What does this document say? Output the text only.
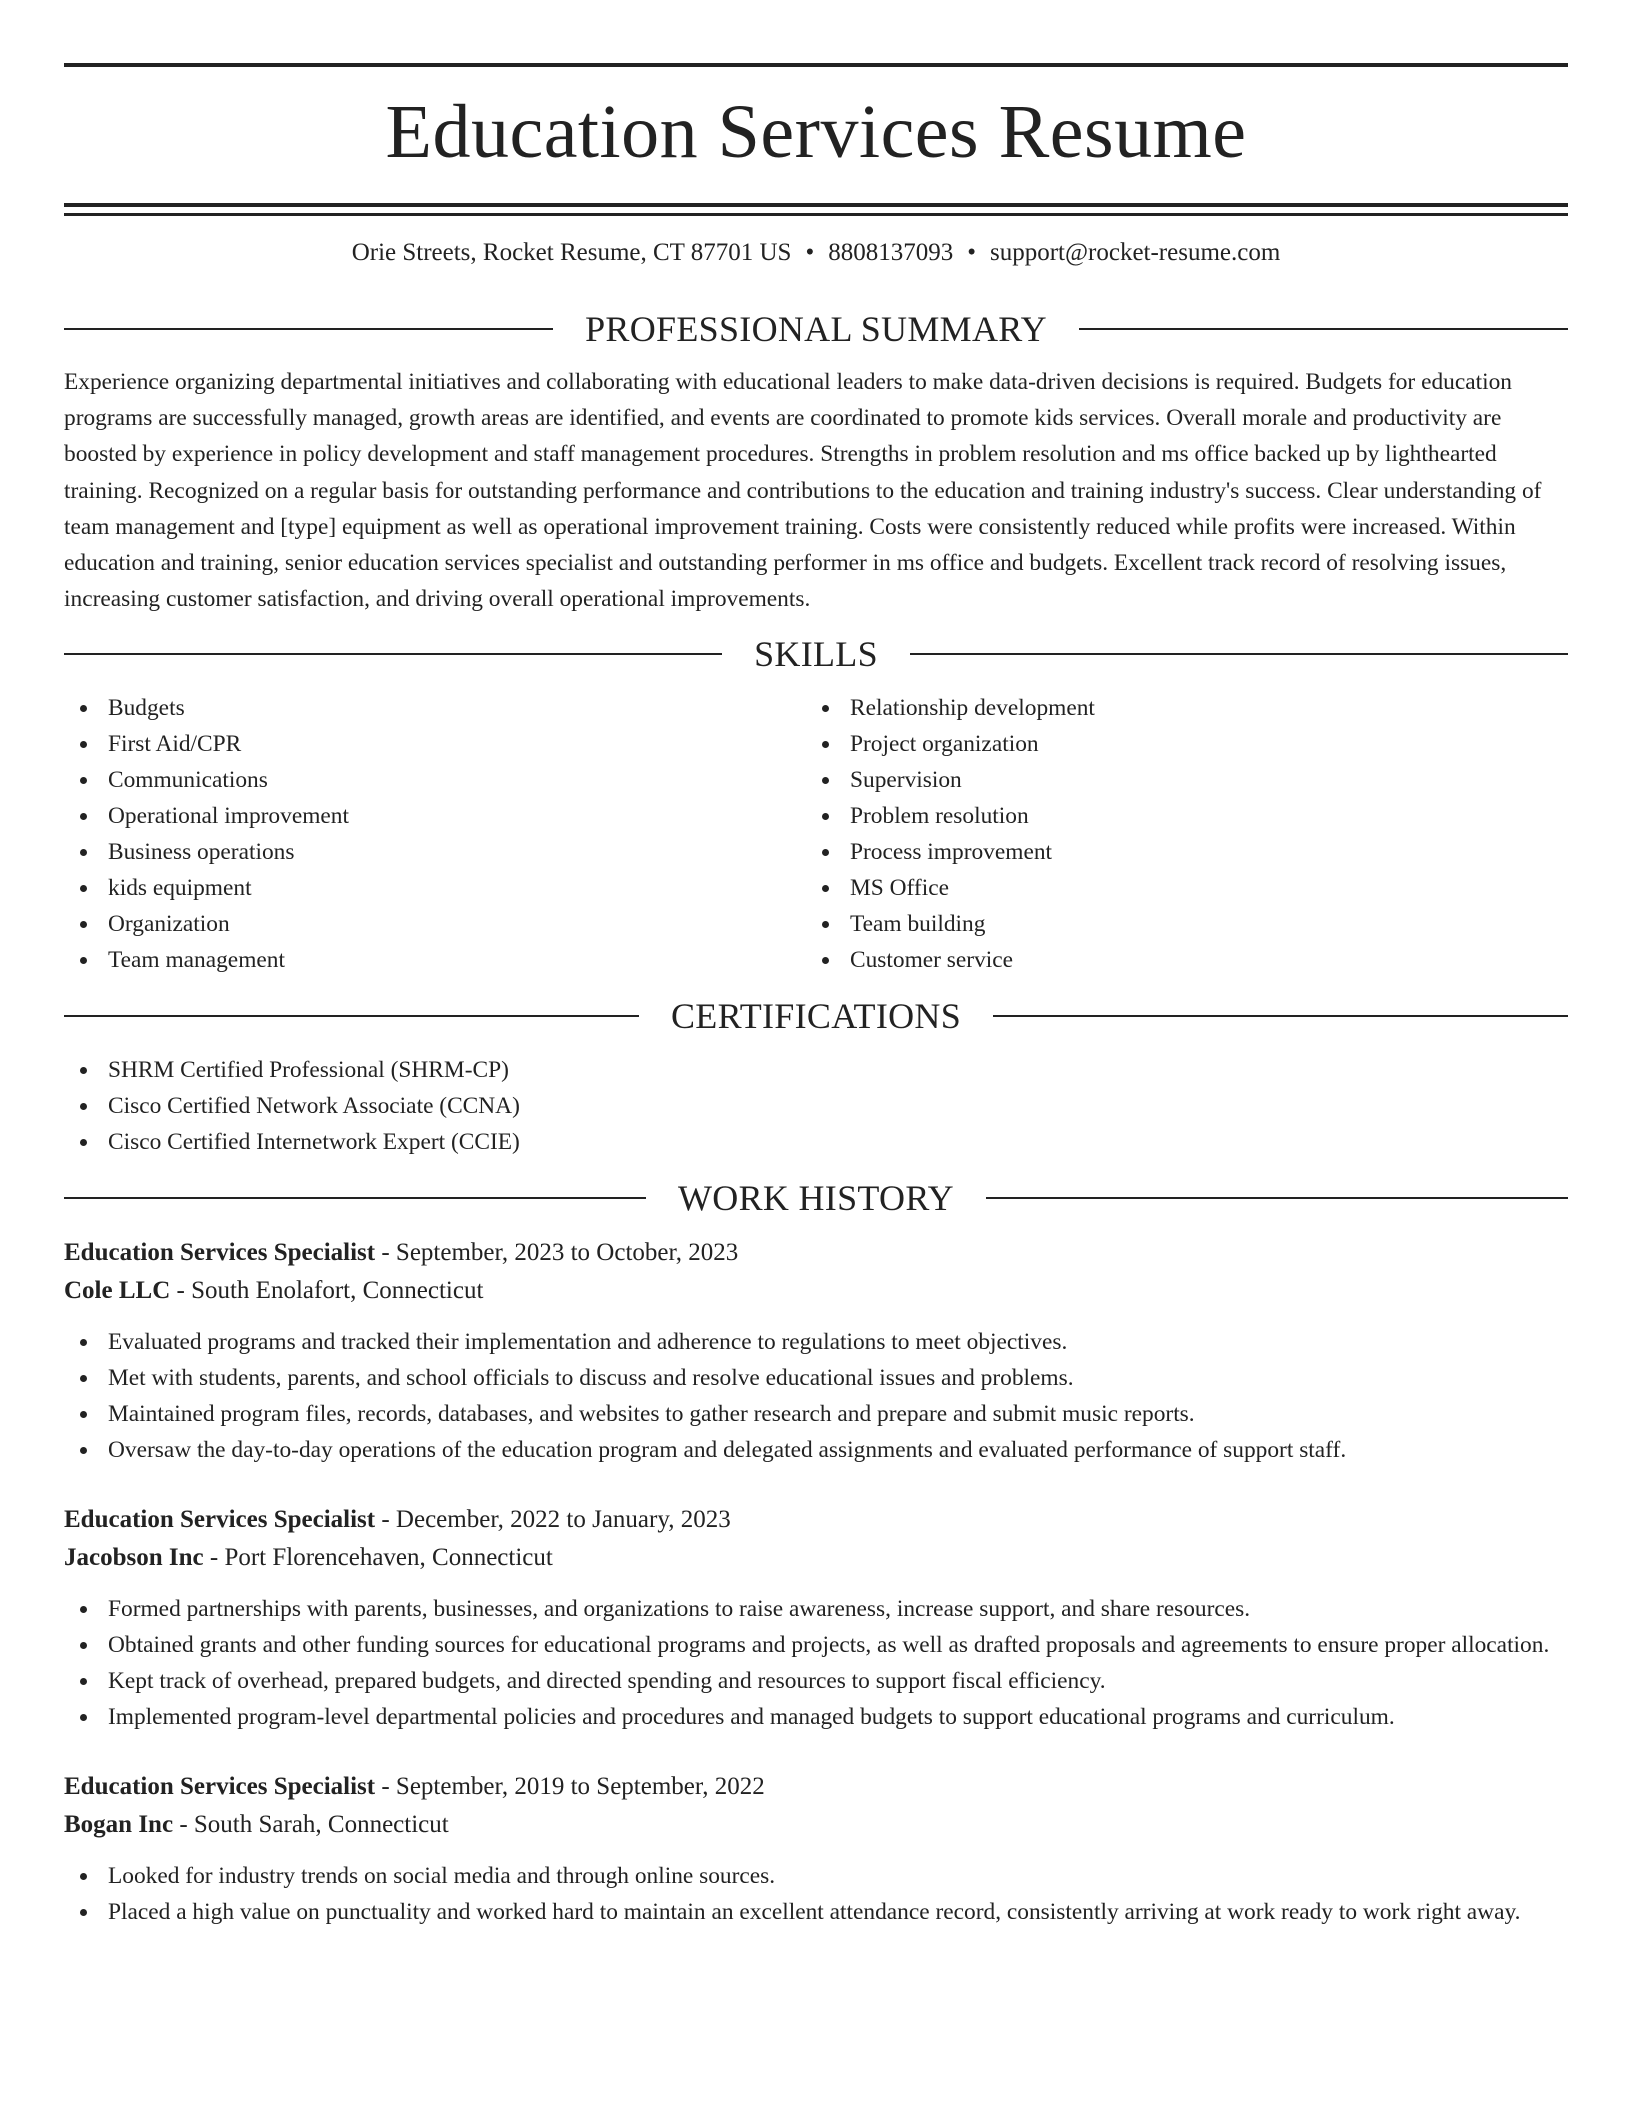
Education Services Resume
Orie Streets, Rocket Resume, CT 87701 US • 8808137093 • support@rocket-resume.com
PROFESSIONAL SUMMARY

Experience organizing departmental initiatives and collaborating with educational leaders to make data-driven decisions is required. Budgets for education programs are successfully managed, growth areas are identified, and events are coordinated to promote kids services. Overall morale and productivity are boosted by experience in policy development and staff management procedures. Strengths in problem resolution and ms office backed up by lighthearted training. Recognized on a regular basis for outstanding performance and contributions to the education and training industry's success. Clear understanding of team management and [type] equipment as well as operational improvement training. Costs were consistently reduced while profits were increased. Within education and training, senior education services specialist and outstanding performer in ms office and budgets. Excellent track record of resolving issues, increasing customer satisfaction, and driving overall operational improvements.

SKILLS
Budgets
First Aid/CPR
Communications
Operational improvement
Business operations
kids equipment
Organization
Team management
Relationship development
Project organization
Supervision
Problem resolution
Process improvement
MS Office
Team building
Customer service
CERTIFICATIONS
SHRM Certified Professional (SHRM-CP)
Cisco Certified Network Associate (CCNA)
Cisco Certified Internetwork Expert (CCIE)
WORK HISTORY
Education Services Specialist - September, 2023 to October, 2023
Cole LLC - South Enolafort, Connecticut
Evaluated programs and tracked their implementation and adherence to regulations to meet objectives.
Met with students, parents, and school officials to discuss and resolve educational issues and problems.
Maintained program files, records, databases, and websites to gather research and prepare and submit music reports.
Oversaw the day-to-day operations of the education program and delegated assignments and evaluated performance of support staff.
Education Services Specialist - December, 2022 to January, 2023
Jacobson Inc - Port Florencehaven, Connecticut
Formed partnerships with parents, businesses, and organizations to raise awareness, increase support, and share resources.
Obtained grants and other funding sources for educational programs and projects, as well as drafted proposals and agreements to ensure proper allocation.
Kept track of overhead, prepared budgets, and directed spending and resources to support fiscal efficiency.
Implemented program-level departmental policies and procedures and managed budgets to support educational programs and curriculum.
Education Services Specialist - September, 2019 to September, 2022
Bogan Inc - South Sarah, Connecticut
Looked for industry trends on social media and through online sources.
Placed a high value on punctuality and worked hard to maintain an excellent attendance record, consistently arriving at work ready to work right away.
